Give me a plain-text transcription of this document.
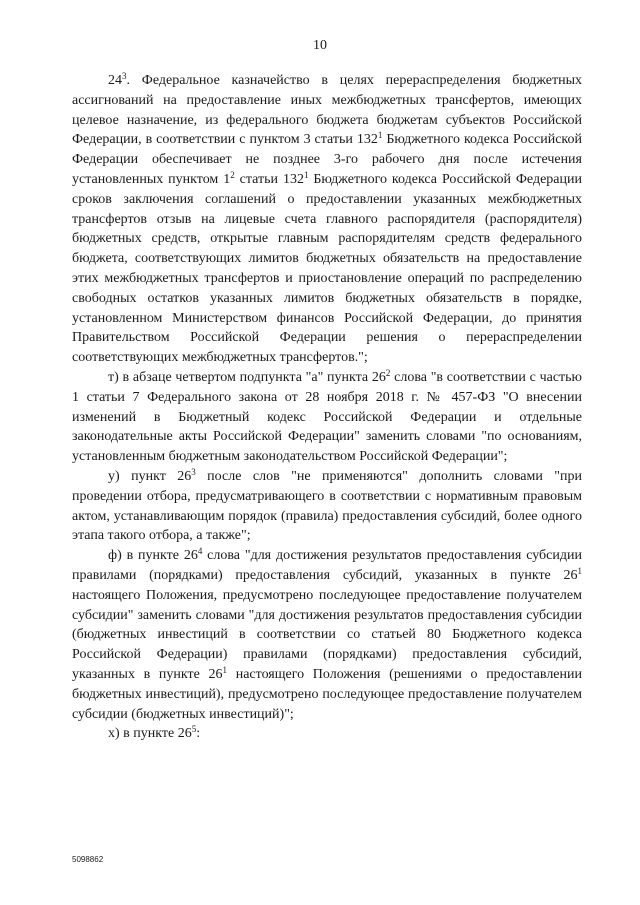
10

$24^3$. Федеральное казначейство в целях перераспределения бюджетных ассигнований на предоставление иных межбюджетных трансфертов, имеющих целевое назначение, из федерального бюджета бюджетам субъектов Российской Федерации, в соответствии с пунктом 3 статьи $132^1$ Бюджетного кодекса Российской Федерации обеспечивает не позднее 3-го рабочего дня после истечения установленных пунктом $1^2$ статьи $132^1$ Бюджетного кодекса Российской Федерации сроков заключения соглашений о предоставлении указанных межбюджетных трансфертов отзыв на лицевые счета главного распорядителя (распорядителя) бюджетных средств, открытые главным распорядителям средств федерального бюджета, соответствующих лимитов бюджетных обязательств на предоставление этих межбюджетных трансфертов и приостановление операций по распределению свободных остатков указанных лимитов бюджетных обязательств в порядке, установленном Министерством финансов Российской Федерации, до принятия Правительством Российской Федерации решения о перераспределении соответствующих межбюджетных трансфертов.";

т) в абзаце четвертом подпункта "а" пункта $26^2$ слова "в соответствии с частью 1 статьи 7 Федерального закона от 28 ноября 2018 г. № 457-ФЗ "О внесении изменений в Бюджетный кодекс Российской Федерации и отдельные законодательные акты Российской Федерации" заменить словами "по основаниям, установленным бюджетным законодательством Российской Федерации";

у) пункт $26^3$ после слов "не применяются" дополнить словами "при проведении отбора, предусматривающего в соответствии с нормативным правовым актом, устанавливающим порядок (правила) предоставления субсидий, более одного этапа такого отбора, а также";

ф) в пункте $26^4$ слова "для достижения результатов предоставления субсидии правилами (порядками) предоставления субсидий, указанных в пункте $26^1$ настоящего Положения, предусмотрено последующее предоставление получателем субсидии" заменить словами "для достижения результатов предоставления субсидии (бюджетных инвестиций в соответствии со статьей 80 Бюджетного кодекса Российской Федерации) правилами (порядками) предоставления субсидий, указанных в пункте $26^1$ настоящего Положения (решениями о предоставлении бюджетных инвестиций), предусмотрено последующее предоставление получателем субсидии (бюджетных инвестиций)";

х) в пункте $26^5$:

5098862
